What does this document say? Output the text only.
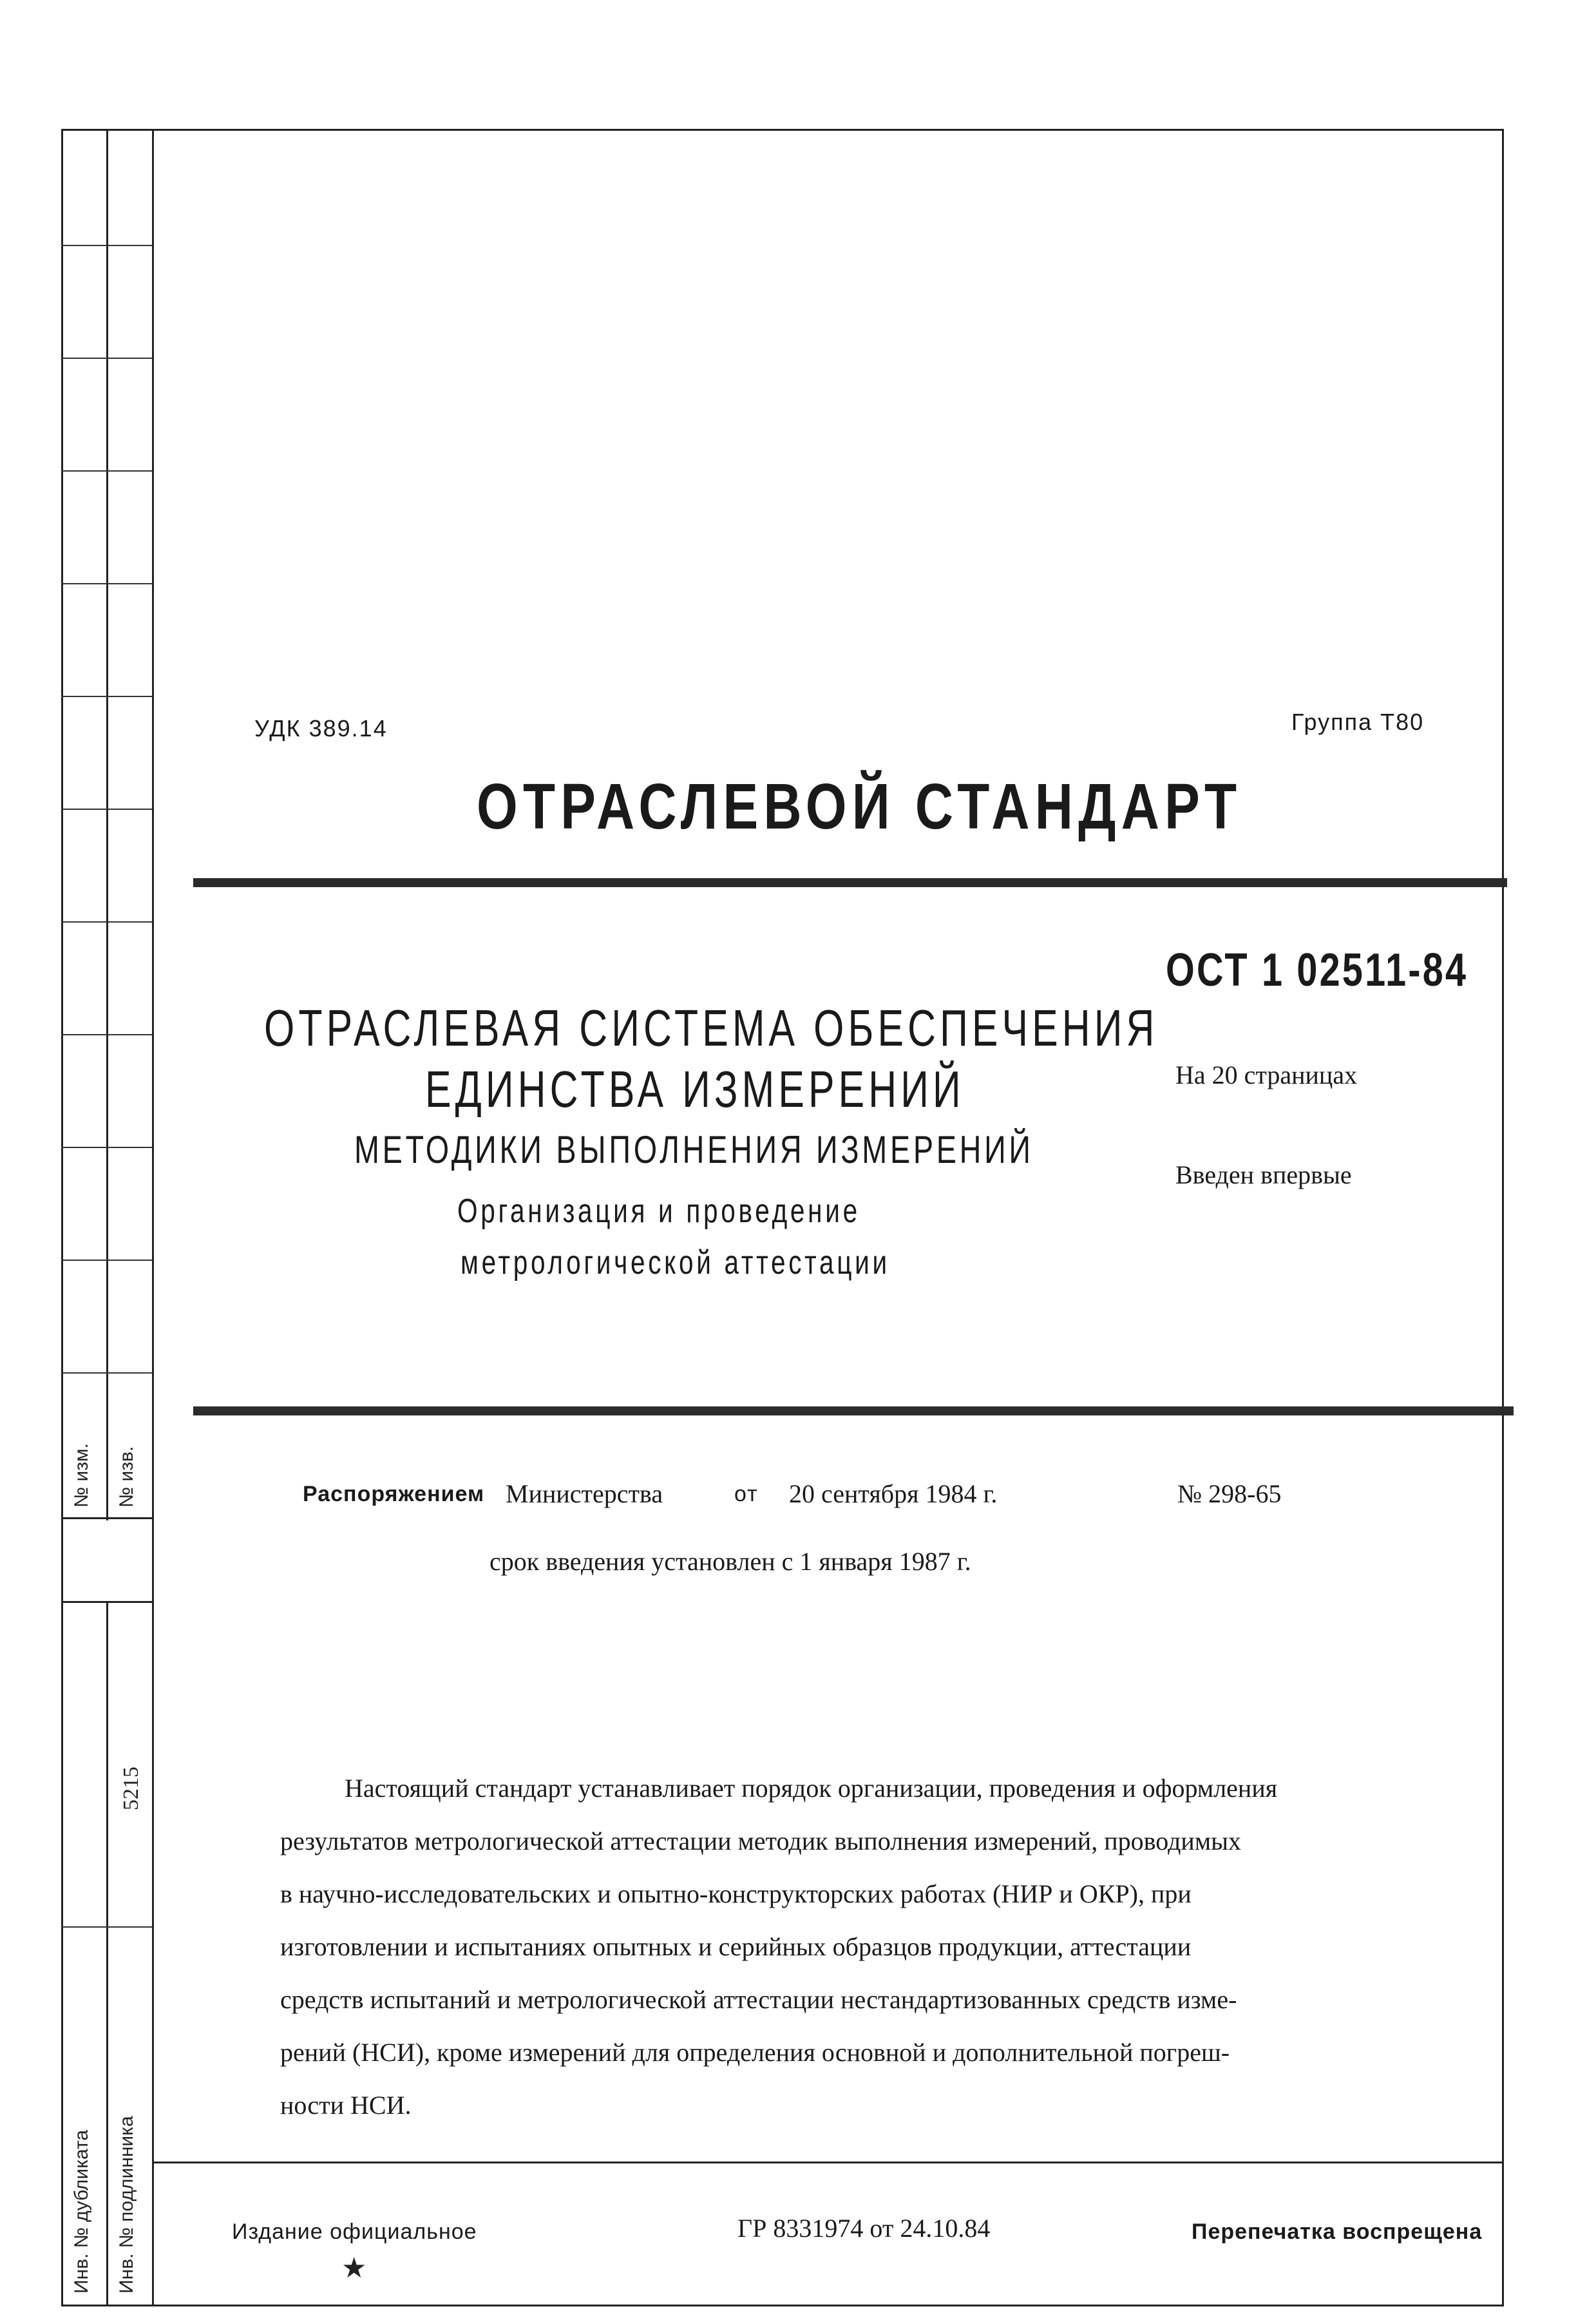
№ изм. № изв.
5215
Инв. № дубликата Инв. № подлинника
УДК 389.14	Группа Т80
ОТРАСЛЕВОЙ СТАНДАРТ
ОСТ 1 02511-84
На 20 страницах
Введен впервые
ОТРАСЛЕВАЯ СИСТЕМА ОБЕСПЕЧЕНИЯ
ЕДИНСТВА ИЗМЕРЕНИЙ
МЕТОДИКИ ВЫПОЛНЕНИЯ ИЗМЕРЕНИЙ
Организация и проведение
метрологической аттестации
Распоряжением Министерства	от 20 сентября 1984 г.	№ 298-65
срок введения установлен с 1 января 1987 г.

Настоящий стандарт устанавливает порядок организации, проведения и оформления

результатов метрологической аттестации методик выполнения измерений, проводимых

в научно-исследовательских и опытно-конструкторских работах (НИР и ОКР), при

изготовлении и испытаниях опытных и серийных образцов продукции, аттестации

средств испытаний и метрологической аттестации нестандартизованных средств изме-

рений (НСИ), кроме измерений для определения основной и дополнительной погреш-

ности НСИ.

Издание официальное
★
ГР 8331974 от 24.10.84	Перепечатка воспрещена
